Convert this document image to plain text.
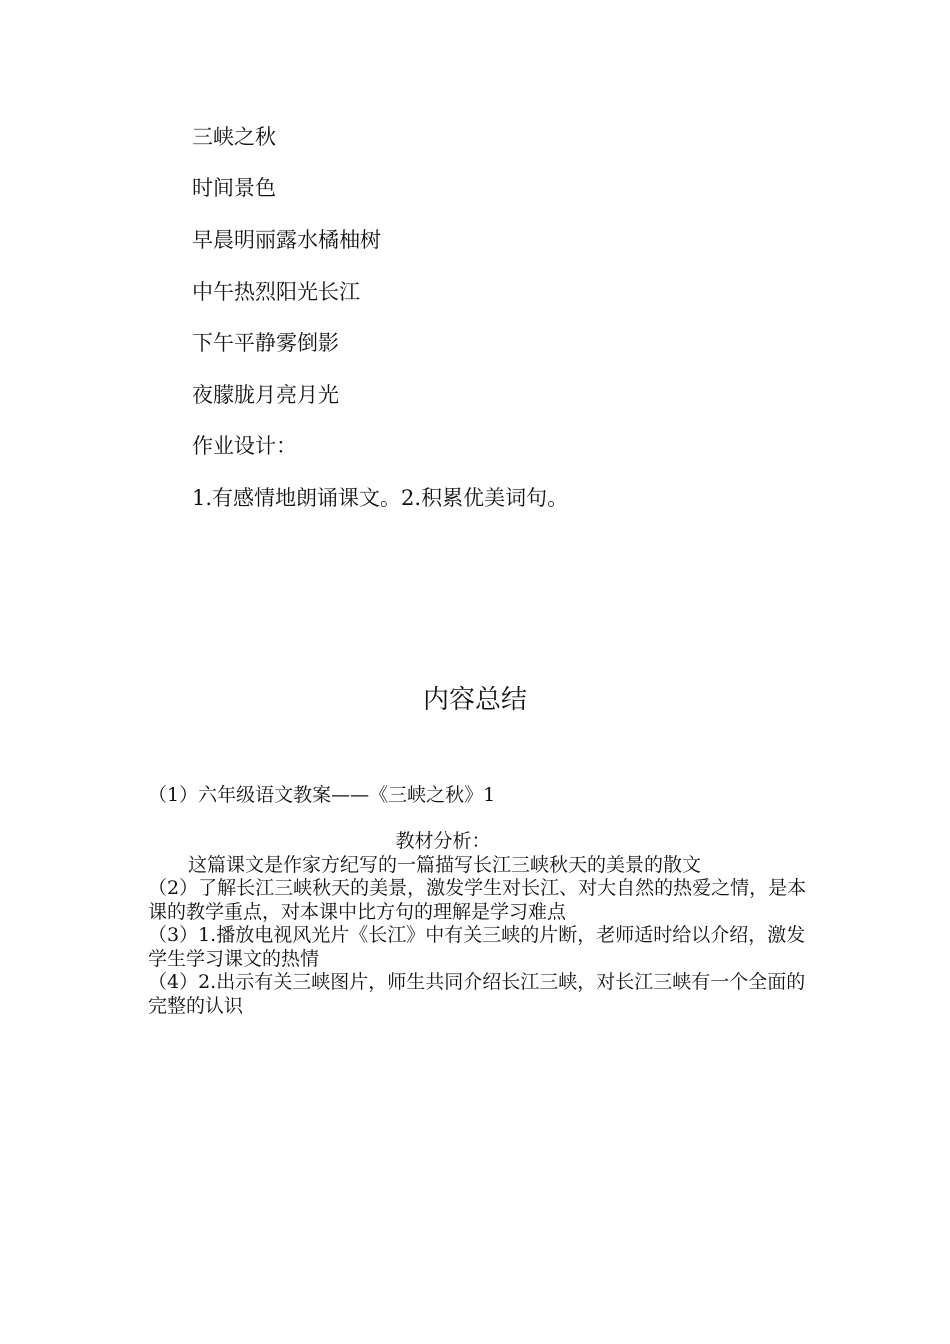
三峡之秋
时间景色
早晨明丽露水橘柚树
中午热烈阳光长江
下午平静雾倒影
夜朦胧月亮月光
作业设计：
1.有感情地朗诵课文。2.积累优美词句。
内容总结
（1）六年级语文教案——《三峡之秋》1

教材分析：

这篇课文是作家方纪写的一篇描写长江三峡秋天的美景的散文

（2）了解长江三峡秋天的美景，激发学生对长江、对大自然的热爱之情，是本课的教学重点，对本课中比方句的理解是学习难点

（3）1.播放电视风光片《长江》中有关三峡的片断，老师适时给以介绍，激发学生学习课文的热情

（4）2.出示有关三峡图片，师生共同介绍长江三峡，对长江三峡有一个全面的完整的认识
